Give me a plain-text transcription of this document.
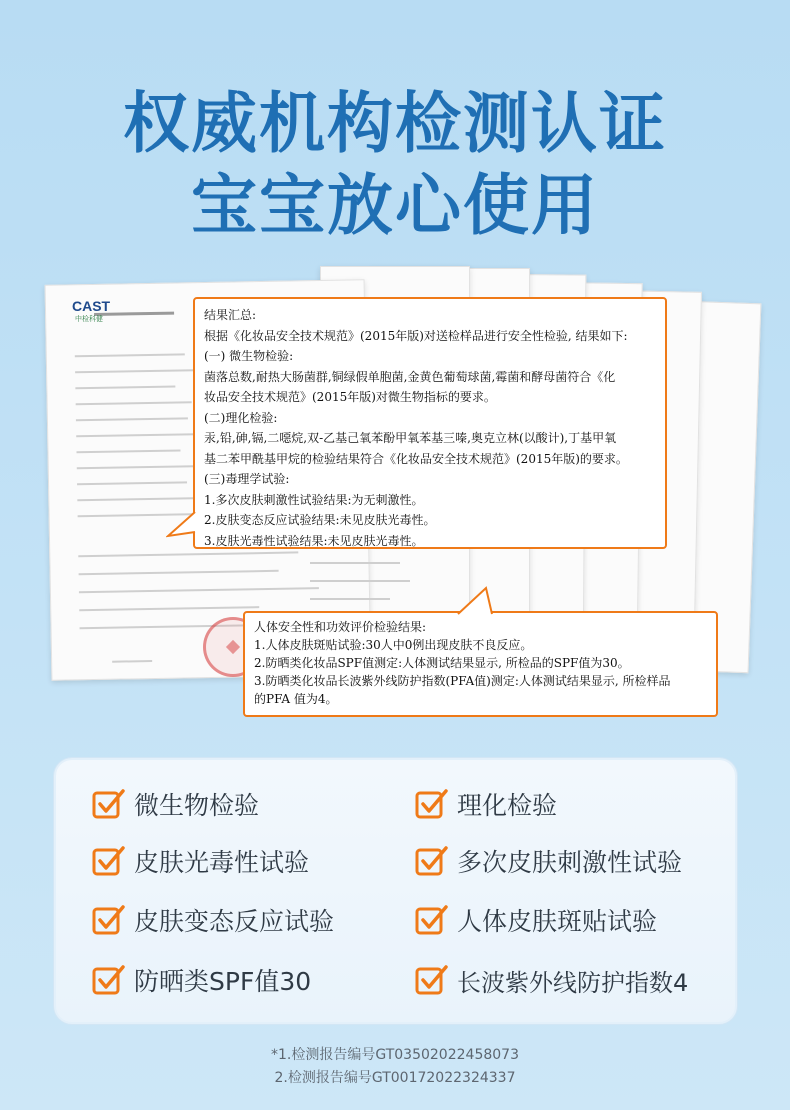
权威机构检测认证
宝宝放心使用
CAST
中检科健	结果汇总:
根据《化妆品安全技术规范》(2015年版)对送检样品进行安全性检验, 结果如下:
(一) 微生物检验:
菌落总数,耐热大肠菌群,铜绿假单胞菌,金黄色葡萄球菌,霉菌和酵母菌符合《化
妆品安全技术规范》(2015年版)对微生物指标的要求。
(二)理化检验:
汞,铅,砷,镉,二噁烷,双-乙基己氧苯酚甲氧苯基三嗪,奥克立林(以酸计),丁基甲氧
基二苯甲酰基甲烷的检验结果符合《化妆品安全技术规范》(2015年版)的要求。
(三)毒理学试验:
1.多次皮肤刺激性试验结果:为无刺激性。
2.皮肤变态反应试验结果:未见皮肤光毒性。
3.皮肤光毒性试验结果:未见皮肤光毒性。
人体安全性和功效评价检验结果:
1.人体皮肤斑贴试验:30人中0例出现皮肤不良反应。
2.防晒类化妆品SPF值测定:人体测试结果显示, 所检品的SPF值为30。
3.防晒类化妆品长波紫外线防护指数(PFA值)测定:人体测试结果显示, 所检样品
的PFA 值为4。
微生物检验	理化检验
皮肤光毒性试验	多次皮肤刺激性试验
皮肤变态反应试验	人体皮肤斑贴试验
防晒类SPF值30	长波紫外线防护指数4
*1.检测报告编号GT03502022458073
2.检测报告编号GT00172022324337
